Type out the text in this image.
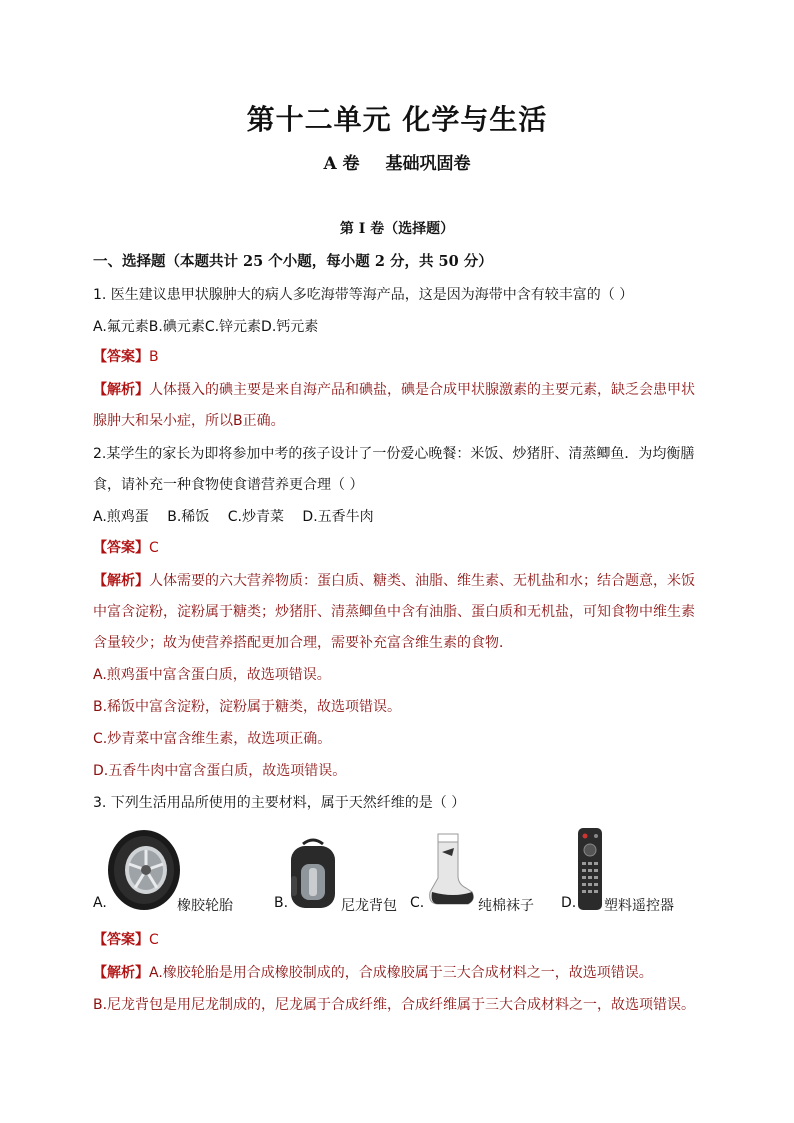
第十二单元 化学与生活
A 卷 基础巩固卷
第 I 卷（选择题）
一、选择题（本题共计 25 个小题，每小题 2 分，共 50 分）
1. 医生建议患甲状腺肿大的病人多吃海带等海产品，这是因为海带中含有较丰富的（ ）
A.氟元素B.碘元素C.锌元素D.钙元素
【答案】B
【解析】人体摄入的碘主要是来自海产品和碘盐，碘是合成甲状腺激素的主要元素，缺乏会患甲状
腺肿大和呆小症，所以B正确。
2.某学生的家长为即将参加中考的孩子设计了一份爱心晚餐：米饭、炒猪肝、清蒸鲫鱼．为均衡膳
食，请补充一种食物使食谱营养更合理（ ）
A.煎鸡蛋　 B.稀饭　 C.炒青菜　 D.五香牛肉
【答案】C
【解析】人体需要的六大营养物质：蛋白质、糖类、油脂、维生素、无机盐和水；结合题意，米饭
中富含淀粉，淀粉属于糖类；炒猪肝、清蒸鲫鱼中含有油脂、蛋白质和无机盐，可知食物中维生素
含量较少；故为使营养搭配更加合理，需要补充富含维生素的食物．
A.煎鸡蛋中富含蛋白质，故选项错误。
B.稀饭中富含淀粉，淀粉属于糖类，故选项错误。
C.炒青菜中富含维生素，故选项正确。
D.五香牛肉中富含蛋白质，故选项错误。
3. 下列生活用品所使用的主要材料，属于天然纤维的是（ ）
A.	橡胶轮胎	B.	尼龙背包 C.	纯棉袜子 D. 塑料遥控器
【答案】C
【解析】A.橡胶轮胎是用合成橡胶制成的，合成橡胶属于三大合成材料之一，故选项错误。
B.尼龙背包是用尼龙制成的，尼龙属于合成纤维，合成纤维属于三大合成材料之一，故选项错误。
